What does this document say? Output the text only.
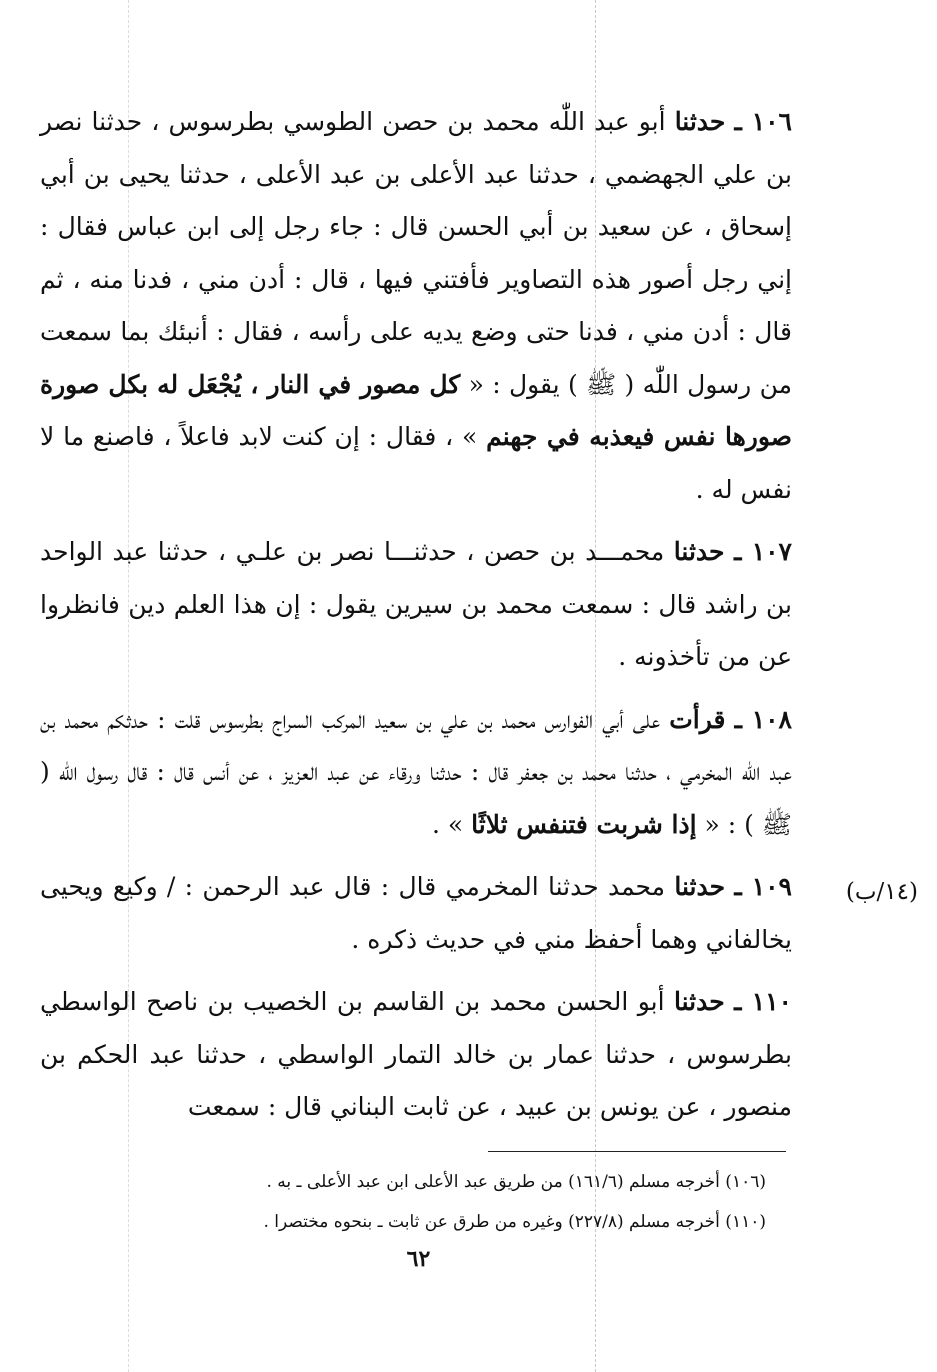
١٠٦ ـ حدثنا أبو عبد اللّٰه محمد بن حصن الطوسي بطرسوس ، حدثنا نصر بن علي الجهضمي ، حدثنا عبد الأعلى بن عبد الأعلى ، حدثنا يحيى بن أبي إسحاق ، عن سعيد بن أبي الحسن قال : جاء رجل إلى ابن عباس فقال : إني رجل أصور هذه التصاوير فأفتني فيها ، قال : أدن مني ، فدنا منه ، ثم قال : أدن مني ، فدنا حتى وضع يديه على رأسه ، فقال : أنبئك بما سمعت من رسول اللّٰه ( ﷺ ) يقول : « كل مصور في النار ، يُجْعَل له بكل صورة صورها نفس فيعذبه في جهنم » ، فقال : إن كنت لابد فاعلاً ، فاصنع ما لا نفس له .

١٠٧ ـ حدثنا محمـــد بن حصن ، حدثنـــا نصر بن علـي ، حدثنا عبد الواحد بن راشد قال : سمعت محمد بن سيرين يقول : إن هذا العلم دين فانظروا عن من تأخذونه .

١٠٨ ـ قرأت على أبي الفوارس محمد بن علي بن سعيد المركب السراج بطرسوس قلت : حدثكم محمد بن عبد اللّٰه المخرمي ، حدثنا محمد بن جعفر قال : حدثنا ورقاء عن عبد العزيز ، عن أنس قال : قال رسول اللّٰه ( ﷺ ) : « إذا شربت فتنفس ثلاثًا » .

١٠٩ ـ حدثنا محمد حدثنا المخرمي قال : قال عبد الرحمن : / وكيع ويحيى يخالفاني وهما أحفظ مني في حديث ذكره .

١١٠ ـ حدثنا أبو الحسن محمد بن القاسم بن الخصيب بن ناصح الواسطي بطرسوس ، حدثنا عمار بن خالد التمار الواسطي ، حدثنا عبد الحكم بن منصور ، عن يونس بن عبيد ، عن ثابت البناني قال : سمعت

(١٤/ب)

(١٠٦) أخرجه مسلم (١٦١/٦) من طريق عبد الأعلى ابن عبد الأعلى ـ به .

(١١٠) أخرجه مسلم (٢٢٧/٨) وغيره من طرق عن ثابت ـ بنحوه مختصرا .

٦٢
